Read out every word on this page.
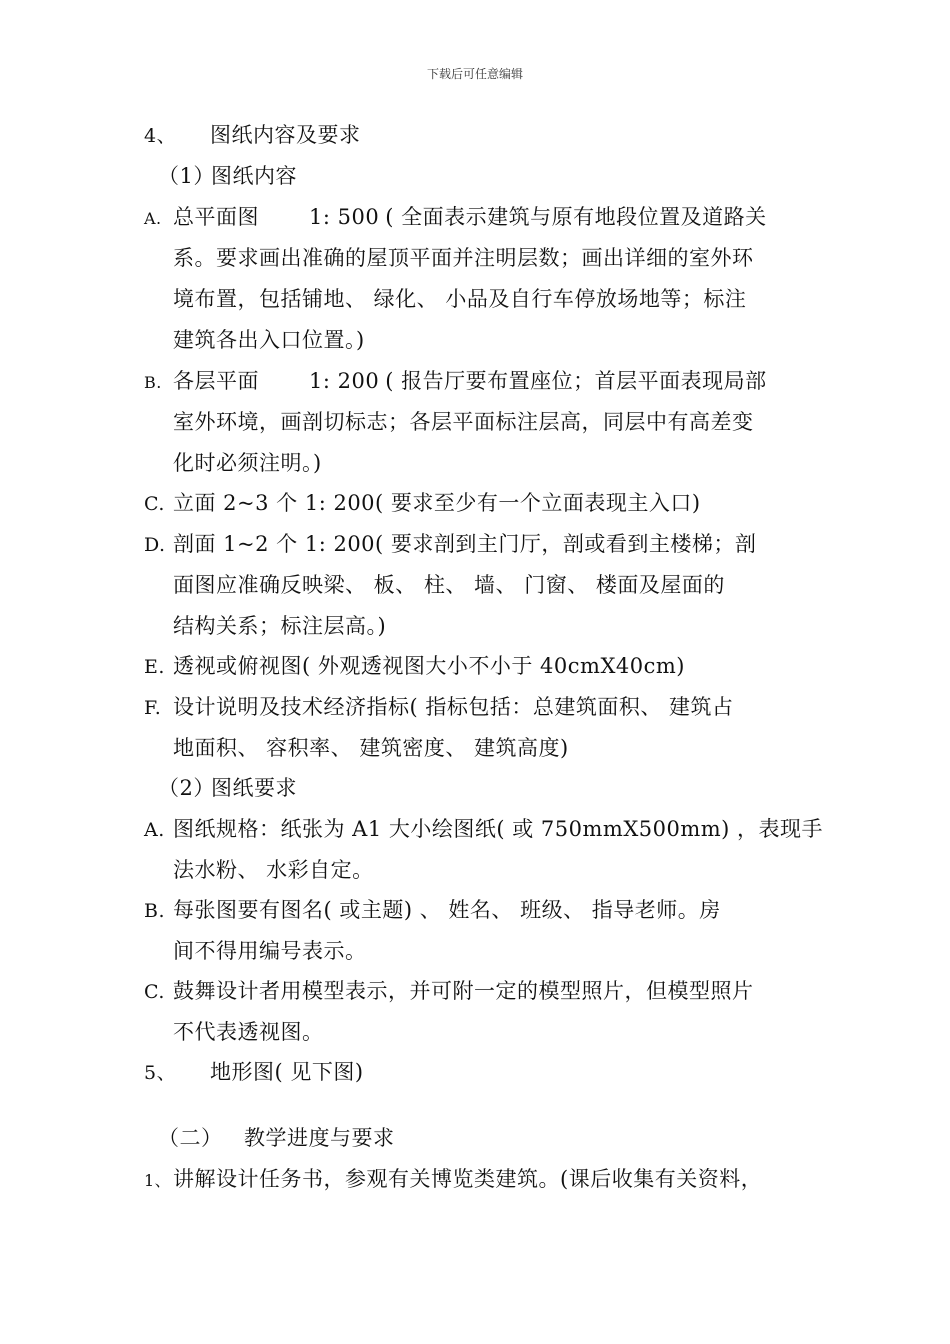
下载后可任意编辑
4、 图纸内容及要求
（1）图纸内容
A. 总平面图 1: 500 ( 全面表示建筑与原有地段位置及道路关
系。要求画出准确的屋顶平面并注明层数；画出详细的室外环
境布置，包括铺地、 绿化、 小品及自行车停放场地等；标注
建筑各出入口位置。)
B. 各层平面 1: 200 ( 报告厅要布置座位；首层平面表现局部
室外环境，画剖切标志；各层平面标注层高，同层中有高差变
化时必须注明。)
C. 立面 2~3 个 1: 200( 要求至少有一个立面表现主入口)
D. 剖面 1~2 个 1: 200( 要求剖到主门厅，剖或看到主楼梯；剖
面图应准确反映梁、 板、 柱、 墙、 门窗、 楼面及屋面的
结构关系；标注层高。)
E. 透视或俯视图( 外观透视图大小不小于 40cmX40cm)
F. 设计说明及技术经济指标( 指标包括：总建筑面积、 建筑占
地面积、 容积率、 建筑密度、 建筑高度)
（2）图纸要求
A. 图纸规格：纸张为 A1 大小绘图纸( 或 750mmX500mm) ，表现手
法水粉、 水彩自定。
B. 每张图要有图名( 或主题) 、 姓名、 班级、 指导老师。房
间不得用编号表示。
C. 鼓舞设计者用模型表示，并可附一定的模型照片，但模型照片
不代表透视图。
5、 地形图( 见下图)
（二） 教学进度与要求
1、讲解设计任务书，参观有关博览类建筑。(课后收集有关资料，
